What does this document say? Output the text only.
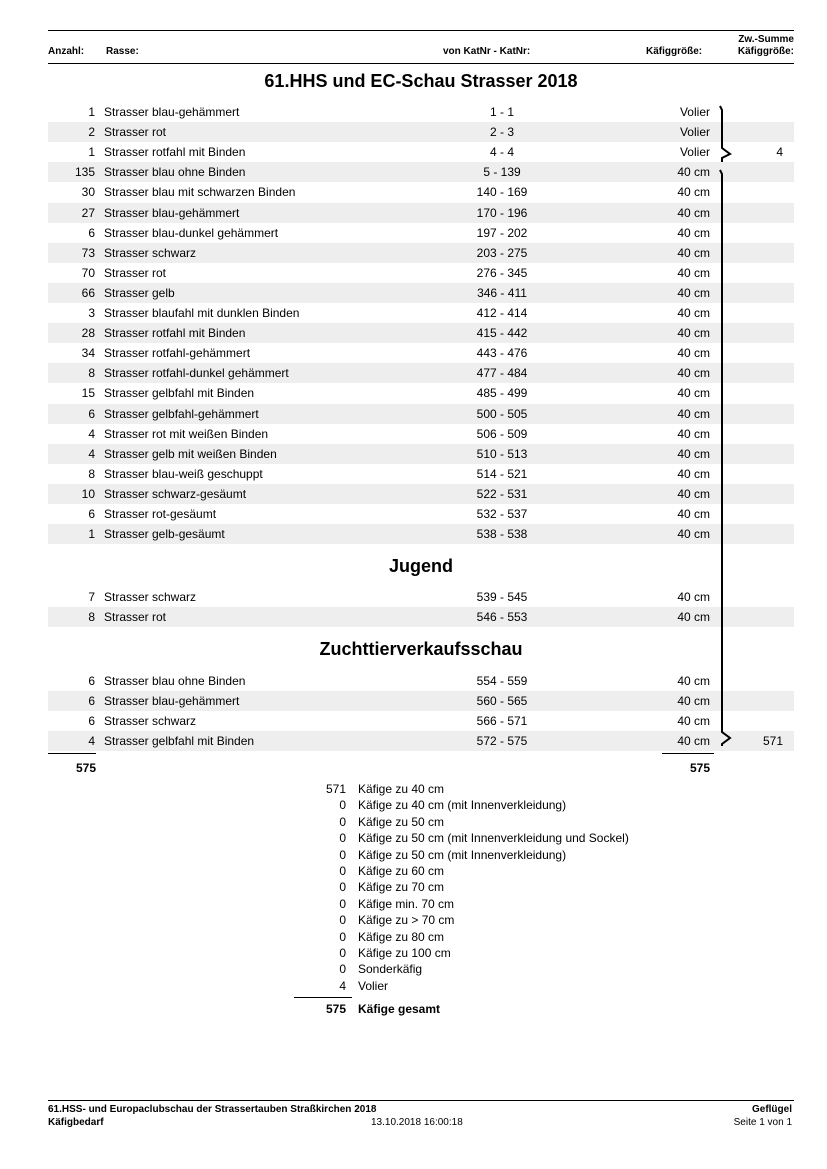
Anzahl: Rasse:	von KatNr - KatNr:	Käfiggröße:
Zw.-Summe
Käfiggröße:
61.HHS und EC-Schau Strasser 2018
1 Strasser blau-gehämmert	1 - 1	Volier
2 Strasser rot	2 - 3	Volier
1 Strasser rotfahl mit Binden	4 - 4	Volier	4
135 Strasser blau ohne Binden	5 - 139	40 cm
30 Strasser blau mit schwarzen Binden	140 - 169	40 cm
27 Strasser blau-gehämmert	170 - 196	40 cm
6 Strasser blau-dunkel gehämmert	197 - 202	40 cm
73 Strasser schwarz	203 - 275	40 cm
70 Strasser rot	276 - 345	40 cm
66 Strasser gelb	346 - 411	40 cm
3 Strasser blaufahl mit dunklen Binden	412 - 414	40 cm
28 Strasser rotfahl mit Binden	415 - 442	40 cm
34 Strasser rotfahl-gehämmert	443 - 476	40 cm
8 Strasser rotfahl-dunkel gehämmert	477 - 484	40 cm
15 Strasser gelbfahl mit Binden	485 - 499	40 cm
6 Strasser gelbfahl-gehämmert	500 - 505	40 cm
4 Strasser rot mit weißen Binden	506 - 509	40 cm
4 Strasser gelb mit weißen Binden	510 - 513	40 cm
8 Strasser blau-weiß geschuppt	514 - 521	40 cm
10 Strasser schwarz-gesäumt	522 - 531	40 cm
6 Strasser rot-gesäumt	532 - 537	40 cm
1 Strasser gelb-gesäumt	538 - 538	40 cm
Jugend
7 Strasser schwarz	539 - 545	40 cm
8 Strasser rot	546 - 553	40 cm
Zuchttierverkaufsschau
6 Strasser blau ohne Binden	554 - 559	40 cm
6 Strasser blau-gehämmert	560 - 565	40 cm
6 Strasser schwarz	566 - 571	40 cm
4 Strasser gelbfahl mit Binden	572 - 575	40 cm	571
575	575
571 Käfige zu 40 cm
0 Käfige zu 40 cm (mit Innenverkleidung)
0 Käfige zu 50 cm
0 Käfige zu 50 cm (mit Innenverkleidung und Sockel)
0 Käfige zu 50 cm (mit Innenverkleidung)
0 Käfige zu 60 cm
0 Käfige zu 70 cm
0 Käfige min. 70 cm
0 Käfige zu > 70 cm
0 Käfige zu 80 cm
0 Käfige zu 100 cm
0 Sonderkäfig
4 Volier
575 Käfige gesamt
61.HSS- und Europaclubschau der Strassertauben Straßkirchen 2018
Käfigbedarf	13.10.2018 16:00:18
Geflügel
Seite 1 von 1
